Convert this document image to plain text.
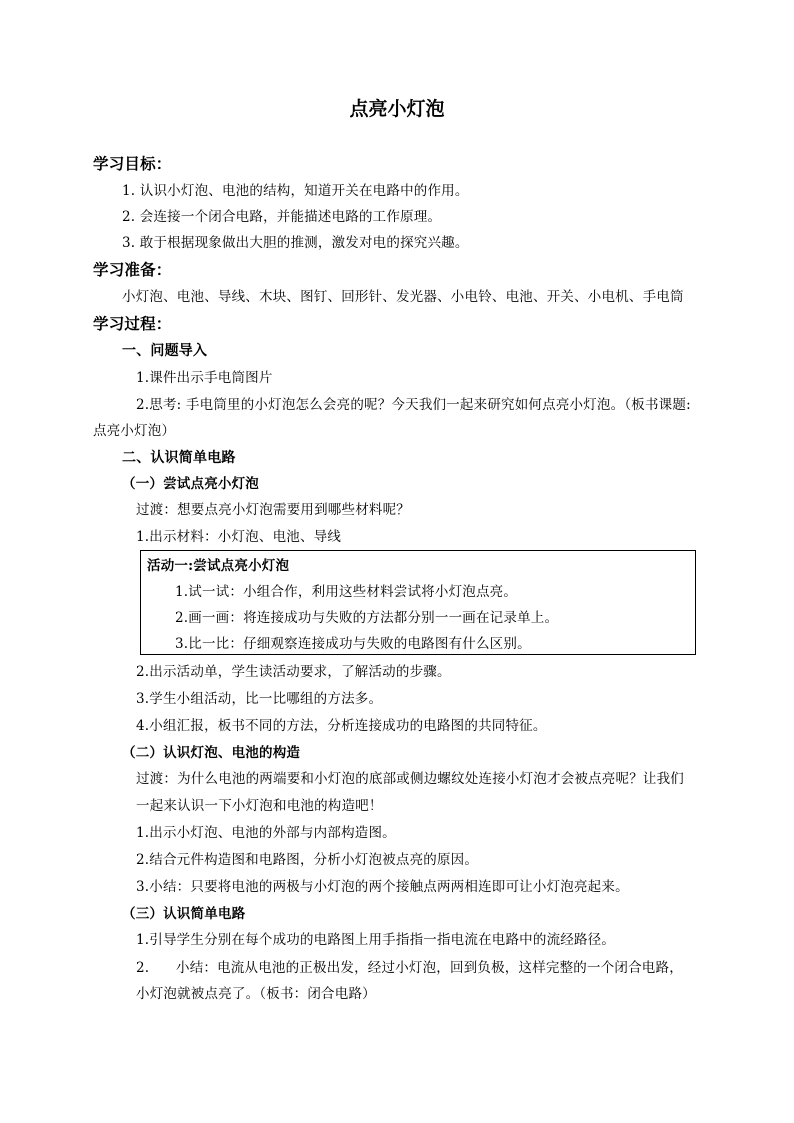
点亮小灯泡
学习目标：
1. 认识小灯泡、电池的结构，知道开关在电路中的作用。
2. 会连接一个闭合电路，并能描述电路的工作原理。
3. 敢于根据现象做出大胆的推测，激发对电的探究兴趣。
学习准备：
小灯泡、电池、导线、木块、图钉、回形针、发光器、小电铃、电池、开关、小电机、手电筒
学习过程：
一、问题导入
1.课件出示手电筒图片
2.思考: 手电筒里的小灯泡怎么会亮的呢？今天我们一起来研究如何点亮小灯泡。（板书课题:
点亮小灯泡）
二、认识简单电路
（一）尝试点亮小灯泡
过渡：想要点亮小灯泡需要用到哪些材料呢？
1.出示材料：小灯泡、电池、导线
活动一:尝试点亮小灯泡
1.试一试：小组合作，利用这些材料尝试将小灯泡点亮。
2.画一画：将连接成功与失败的方法都分别一一画在记录单上。
3.比一比：仔细观察连接成功与失败的电路图有什么区别。
2.出示活动单，学生读活动要求，了解活动的步骤。
3.学生小组活动，比一比哪组的方法多。
4.小组汇报，板书不同的方法，分析连接成功的电路图的共同特征。
（二）认识灯泡、电池的构造
过渡：为什么电池的两端要和小灯泡的底部或侧边螺纹处连接小灯泡才会被点亮呢？让我们
一起来认识一下小灯泡和电池的构造吧！
1.出示小灯泡、电池的外部与内部构造图。
2.结合元件构造图和电路图，分析小灯泡被点亮的原因。
3.小结：只要将电池的两极与小灯泡的两个接触点两两相连即可让小灯泡亮起来。
（三）认识简单电路
1.引导学生分别在每个成功的电路图上用手指指一指电流在电路中的流经路径。
2. 小结：电流从电池的正极出发，经过小灯泡，回到负极，这样完整的一个闭合电路，
小灯泡就被点亮了。（板书：闭合电路）
